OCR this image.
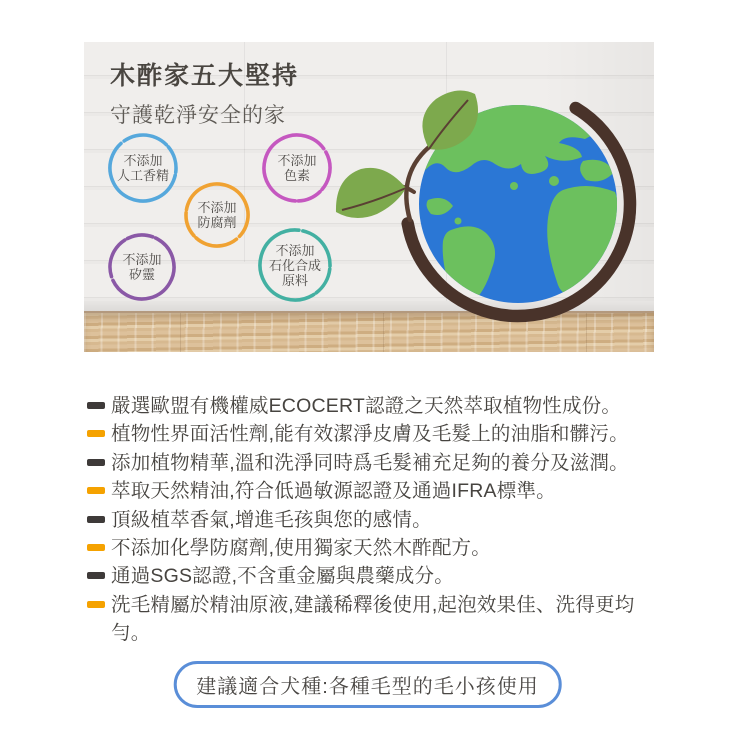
木酢家五大堅持
守護乾淨安全的家
不添加
人工香精
不添加
色素
不添加
防腐劑
不添加
矽靈
不添加
石化合成
原料
嚴選歐盟有機權威ECOCERT認證之天然萃取植物性成份。
植物性界面活性劑,能有效潔淨皮膚及毛髮上的油脂和髒污。
添加植物精華,溫和洗淨同時爲毛髮補充足夠的養分及滋潤。
萃取天然精油,符合低過敏源認證及通過IFRA標準。
頂級植萃香氣,增進毛孩與您的感情。
不添加化學防腐劑,使用獨家天然木酢配方。
通過SGS認證,不含重金屬與農藥成分。
洗毛精屬於精油原液,建議稀釋後使用,起泡效果佳、洗得更均勻。
建議適合犬種:各種毛型的毛小孩使用
